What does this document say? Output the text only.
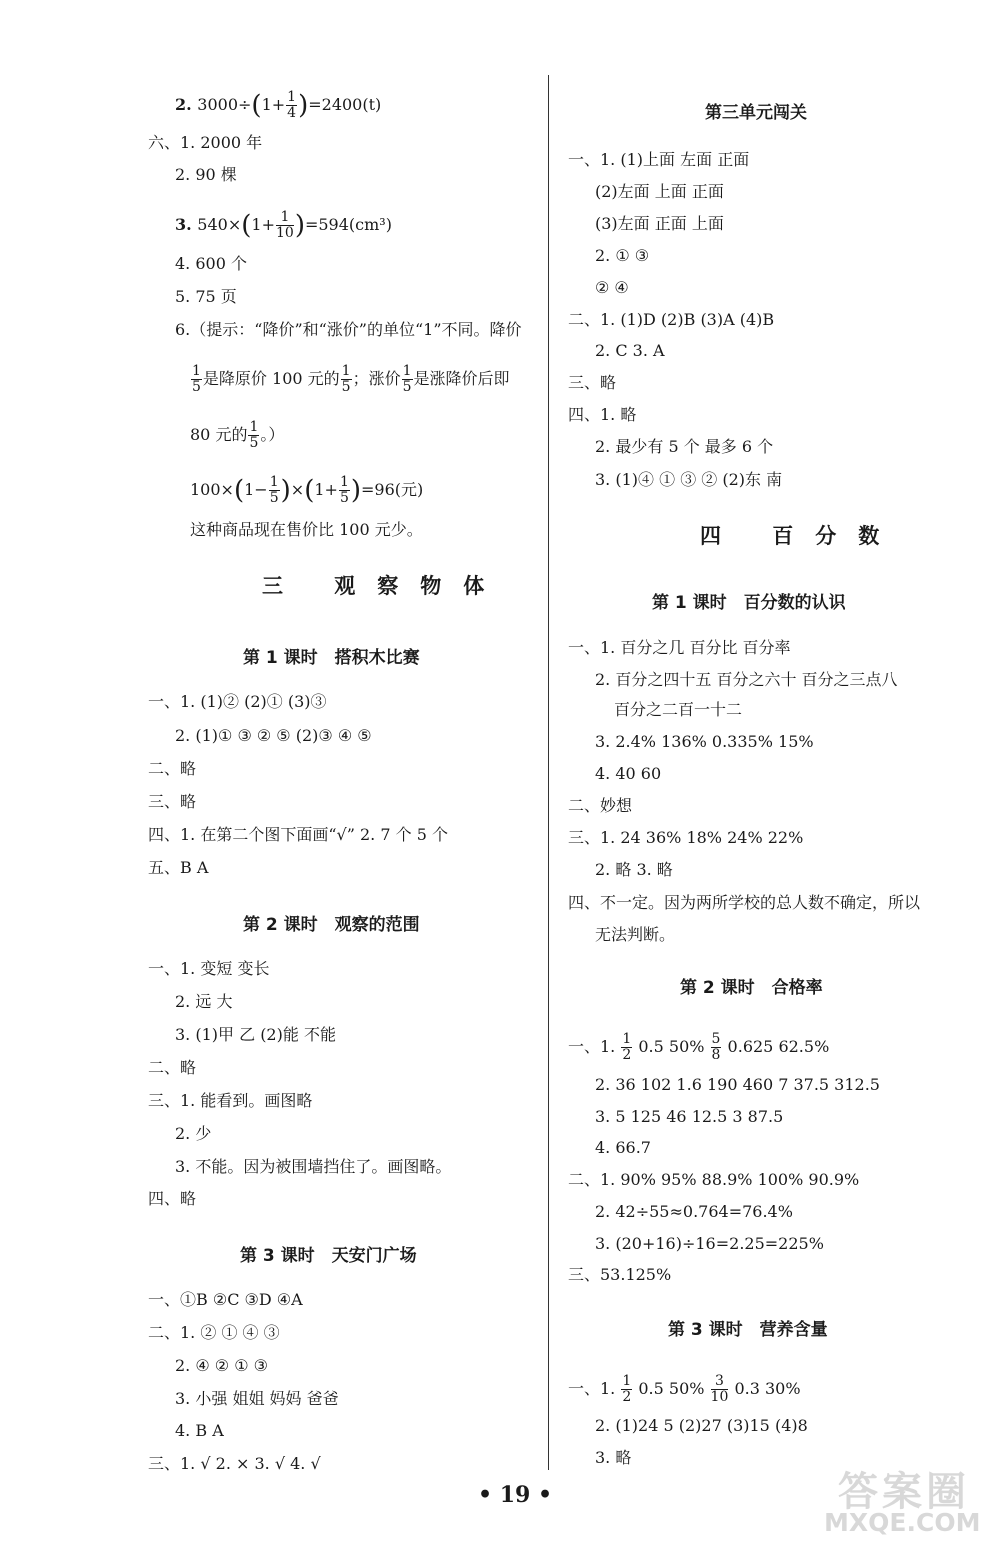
2. $3000\div(1+ \frac{1}{4} )=2400(t)$
六、1. 2000 年
2. 90 棵
3. $540\times(1+ \frac{1}{10} )=594(cm^3)$
4. 600 个
5. 75 页
6.（提示：“降价”和“涨价”的单位“1”不同。降价
$\frac{1}{5}$ 是降原价 100 元的 $\frac{1}{5}$ ；涨价 $\frac{1}{5}$ 是涨降价后即
80 元的 $\frac{1}{5}$ 。）
$100\times(1- \frac{1}{5} )\times(1+ \frac{1}{5} )=96$(元)
这种商品现在售价比 100 元少。
三 观察物体
第 1 课时　搭积木比赛
一、1. (1)② (2)① (3)③
2. (1)① ③ ② ⑤ (2)③ ④ ⑤
二、略
三、略
四、1. 在第二个图下面画“√” 2. 7 个 5 个
五、B A
第 2 课时　观察的范围
一、1. 变短 变长
2. 远 大
3. (1)甲 乙 (2)能 不能
二、略
三、1. 能看到。画图略
2. 少
3. 不能。因为被围墙挡住了。画图略。
四、略
第 3 课时　天安门广场
一、①B ②C ③D ④A
二、1. ② ① ④ ③
2. ④ ② ① ③
3. 小强 姐姐 妈妈 爸爸
4. B A
三、1. √ 2. × 3. √ 4. √
第三单元闯关
一、1. (1)上面 左面 正面
(2)左面 上面 正面
(3)左面 正面 上面
2. ① ③
② ④
二、1. (1)D (2)B (3)A (4)B
2. C 3. A
三、略
四、1. 略
2. 最少有 5 个 最多 6 个
3. (1)④ ① ③ ② (2)东 南
四 百分数
第 1 课时　百分数的认识
一、1. 百分之几 百分比 百分率
2. 百分之四十五 百分之六十 百分之三点八
百分之二百一十二
3. 2.4% 136% 0.335% 15%
4. 40 60
二、妙想
三、1. 24 36% 18% 24% 22%
2. 略 3. 略
四、不一定。因为两所学校的总人数不确定，所以
无法判断。
第 2 课时　合格率
一、1. $\frac{1}{2} 0.5$ $50\% \frac{5}{8} 0.625$ 62.5%
2. 36 102 1.6 190 460 7 37.5 312.5
3. 5 125 46 12.5 3 87.5
4. 66.7
二、1. 90% 95% 88.9% 100% 90.9%
2. 42÷55≈0.764=76.4%
3. (20+16)÷16=2.25=225%
三、53.125%
第 3 课时　营养含量
一、1. $\frac{1}{2} 0.5$ $50\% \frac{3}{10} 0.3$ 30%
2. (1)24 5 (2)27 (3)15 (4)8
3. 略
• 19 •	答案圈
MXQE.COM
